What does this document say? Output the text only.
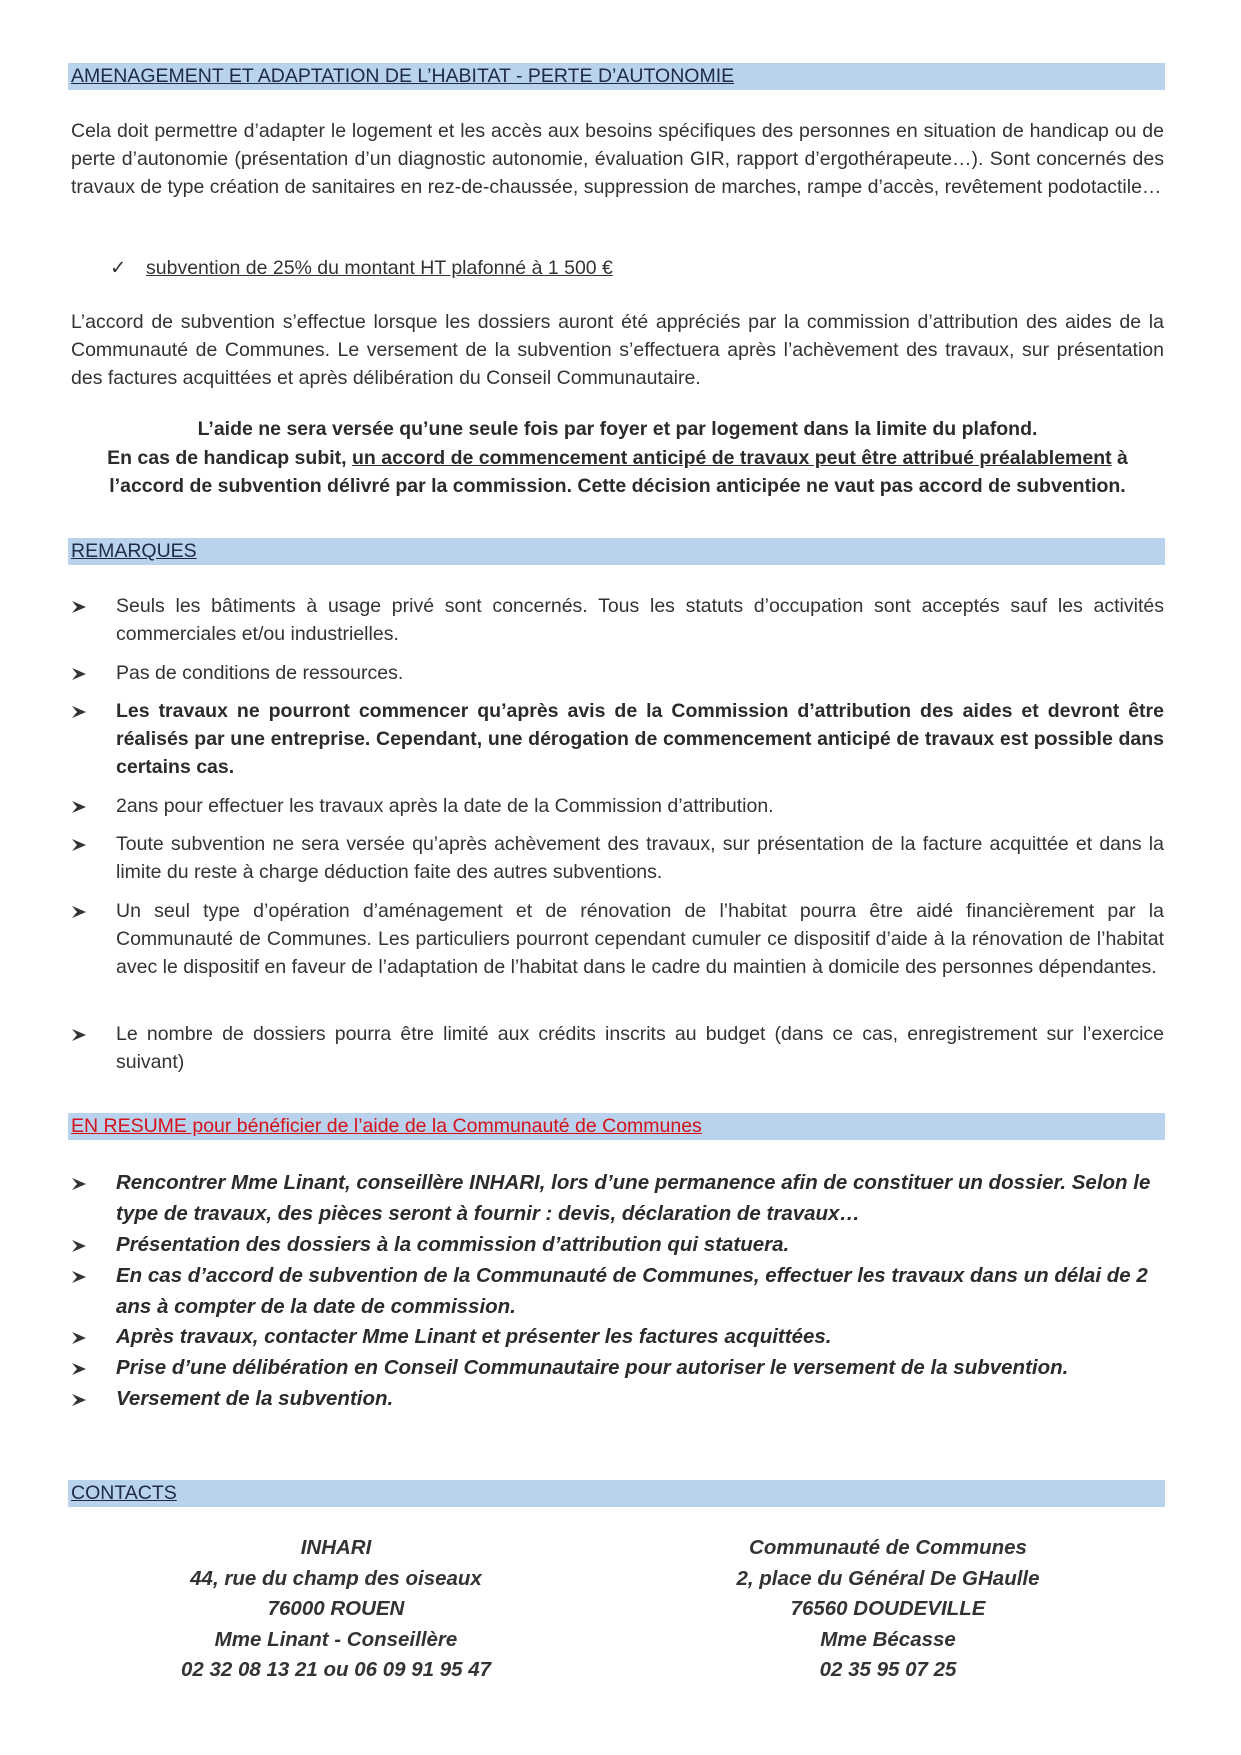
AMENAGEMENT ET ADAPTATION DE L’HABITAT - PERTE D’AUTONOMIE
Cela doit permettre d’adapter le logement et les accès aux besoins spécifiques des personnes en situation de handicap ou de perte d’autonomie (présentation d’un diagnostic autonomie, évaluation GIR, rapport d’ergothérapeute…). Sont concernés des travaux de type création de sanitaires en rez-de-chaussée, suppression de marches, rampe d’accès, revêtement podotactile…
✓ subvention de 25% du montant HT plafonné à 1 500 €
L’accord de subvention s’effectue lorsque les dossiers auront été appréciés par la commission d’attribution des aides de la Communauté de Communes. Le versement de la subvention s’effectuera après l’achèvement des travaux, sur présentation des factures acquittées et après délibération du Conseil Communautaire.
L’aide ne sera versée qu’une seule fois par foyer et par logement dans la limite du plafond.
En cas de handicap subit, un accord de commencement anticipé de travaux peut être attribué préalablement à
l’accord de subvention délivré par la commission. Cette décision anticipée ne vaut pas accord de subvention.
REMARQUES
Seuls les bâtiments à usage privé sont concernés. Tous les statuts d’occupation sont acceptés sauf les activités commerciales et/ou industrielles.
Pas de conditions de ressources.
Les travaux ne pourront commencer qu’après avis de la Commission d’attribution des aides et devront être réalisés par une entreprise. Cependant, une dérogation de commencement anticipé de travaux est possible dans certains cas.
2ans pour effectuer les travaux après la date de la Commission d’attribution.
Toute subvention ne sera versée qu’après achèvement des travaux, sur présentation de la facture acquittée et dans la limite du reste à charge déduction faite des autres subventions.
Un seul type d’opération d’aménagement et de rénovation de l’habitat pourra être aidé financièrement par la Communauté de Communes. Les particuliers pourront cependant cumuler ce dispositif d’aide à la rénovation de l’habitat avec le dispositif en faveur de l’adaptation de l’habitat dans le cadre du maintien à domicile des personnes dépendantes.
Le nombre de dossiers pourra être limité aux crédits inscrits au budget (dans ce cas, enregistrement sur l’exercice suivant)
EN RESUME pour bénéficier de l’aide de la Communauté de Communes
Rencontrer Mme Linant, conseillère INHARI, lors d’une permanence afin de constituer un dossier. Selon le type de travaux, des pièces seront à fournir : devis, déclaration de travaux…
Présentation des dossiers à la commission d’attribution qui statuera.
En cas d’accord de subvention de la Communauté de Communes, effectuer les travaux dans un délai de 2 ans à compter de la date de commission.
Après travaux, contacter Mme Linant et présenter les factures acquittées.
Prise d’une délibération en Conseil Communautaire pour autoriser le versement de la subvention.
Versement de la subvention.
CONTACTS
INHARI
44, rue du champ des oiseaux
76000 ROUEN
Mme Linant - Conseillère
02 32 08 13 21 ou 06 09 91 95 47
Communauté de Communes
2, place du Général De GHaulle
76560 DOUDEVILLE
Mme Bécasse
02 35 95 07 25
